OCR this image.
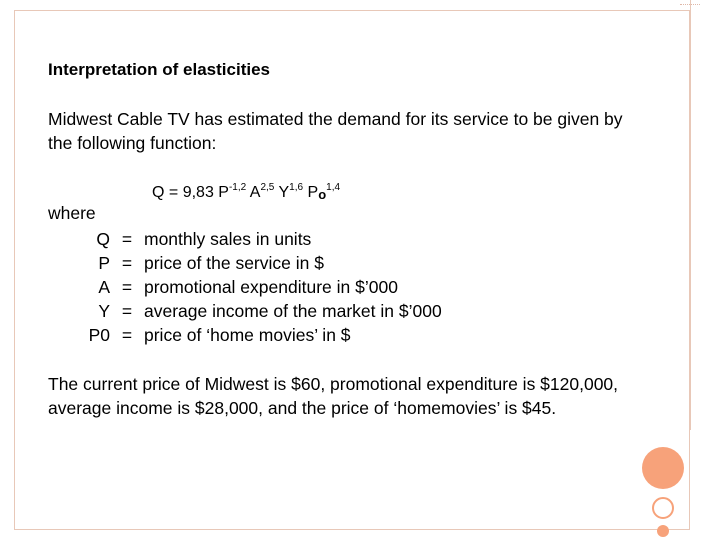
Interpretation of elasticities
Midwest Cable TV has estimated the demand for its service to be given by the following function:
Q = 9,83 $P^{-1,2}$ A$^{2,5}$ Y$^{1,6}$ $P_o^{1,4}$
where
Q = monthly sales in units
P = price of the service in $
A = promotional expenditure in $’000
Y = average income of the market in $’000
P0 = price of ‘home movies’ in $
The current price of Midwest is $60, promotional expenditure is $120,000, average income is $28,000, and the price of ‘homemovies’ is $45.
